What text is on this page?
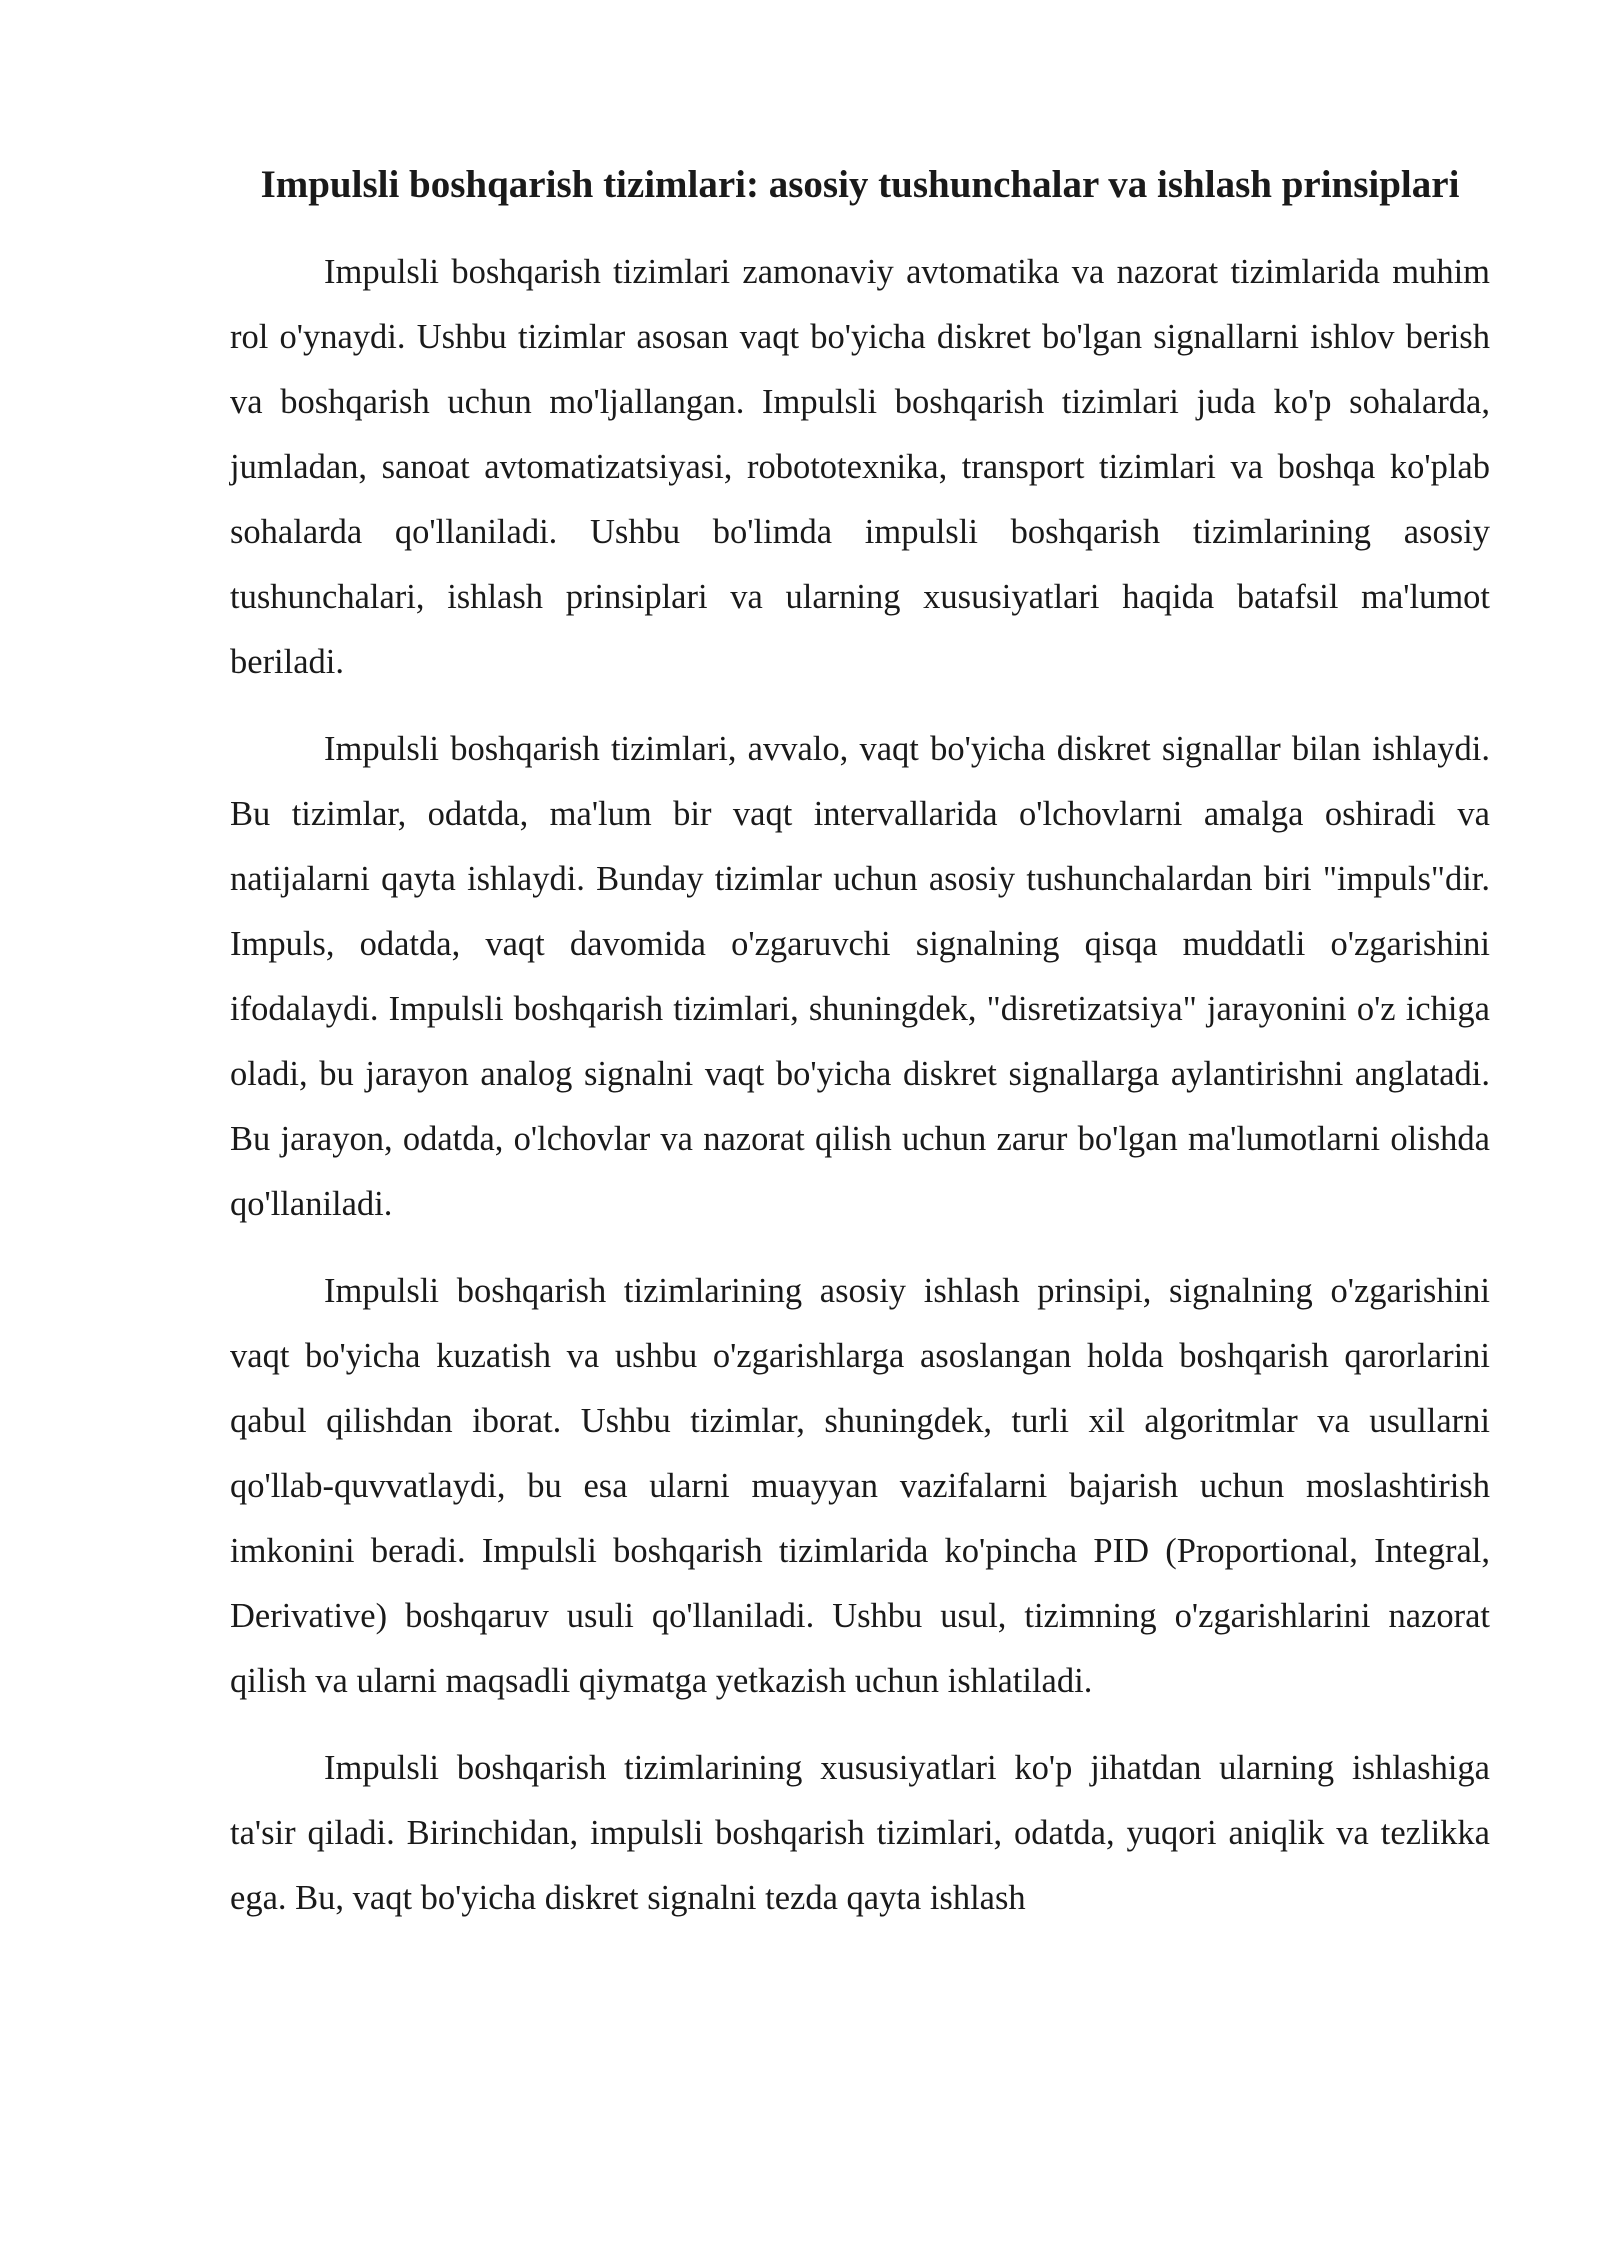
Impulsli boshqarish tizimlari: asosiy tushunchalar va ishlash prinsiplari

Impulsli boshqarish tizimlari zamonaviy avtomatika va nazorat tizimlarida muhim rol o'ynaydi. Ushbu tizimlar asosan vaqt bo'yicha diskret bo'lgan signallarni ishlov berish va boshqarish uchun mo'ljallangan. Impulsli boshqarish tizimlari juda ko'p sohalarda, jumladan, sanoat avtomatizatsiyasi, robototexnika, transport tizimlari va boshqa ko'plab sohalarda qo'llaniladi. Ushbu bo'limda impulsli boshqarish tizimlarining asosiy tushunchalari, ishlash prinsiplari va ularning xususiyatlari haqida batafsil ma'lumot beriladi.

Impulsli boshqarish tizimlari, avvalo, vaqt bo'yicha diskret signallar bilan ishlaydi. Bu tizimlar, odatda, ma'lum bir vaqt intervallarida o'lchovlarni amalga oshiradi va natijalarni qayta ishlaydi. Bunday tizimlar uchun asosiy tushunchalardan biri "impuls"dir. Impuls, odatda, vaqt davomida o'zgaruvchi signalning qisqa muddatli o'zgarishini ifodalaydi. Impulsli boshqarish tizimlari, shuningdek, "disretizatsiya" jarayonini o'z ichiga oladi, bu jarayon analog signalni vaqt bo'yicha diskret signallarga aylantirishni anglatadi. Bu jarayon, odatda, o'lchovlar va nazorat qilish uchun zarur bo'lgan ma'lumotlarni olishda qo'llaniladi.

Impulsli boshqarish tizimlarining asosiy ishlash prinsipi, signalning o'zgarishini vaqt bo'yicha kuzatish va ushbu o'zgarishlarga asoslangan holda boshqarish qarorlarini qabul qilishdan iborat. Ushbu tizimlar, shuningdek, turli xil algoritmlar va usullarni qo'llab-quvvatlaydi, bu esa ularni muayyan vazifalarni bajarish uchun moslashtirish imkonini beradi. Impulsli boshqarish tizimlarida ko'pincha PID (Proportional, Integral, Derivative) boshqaruv usuli qo'llaniladi. Ushbu usul, tizimning o'zgarishlarini nazorat qilish va ularni maqsadli qiymatga yetkazish uchun ishlatiladi.

Impulsli boshqarish tizimlarining xususiyatlari ko'p jihatdan ularning ishlashiga ta'sir qiladi. Birinchidan, impulsli boshqarish tizimlari, odatda, yuqori aniqlik va tezlikka ega. Bu, vaqt bo'yicha diskret signalni tezda qayta ishlash
